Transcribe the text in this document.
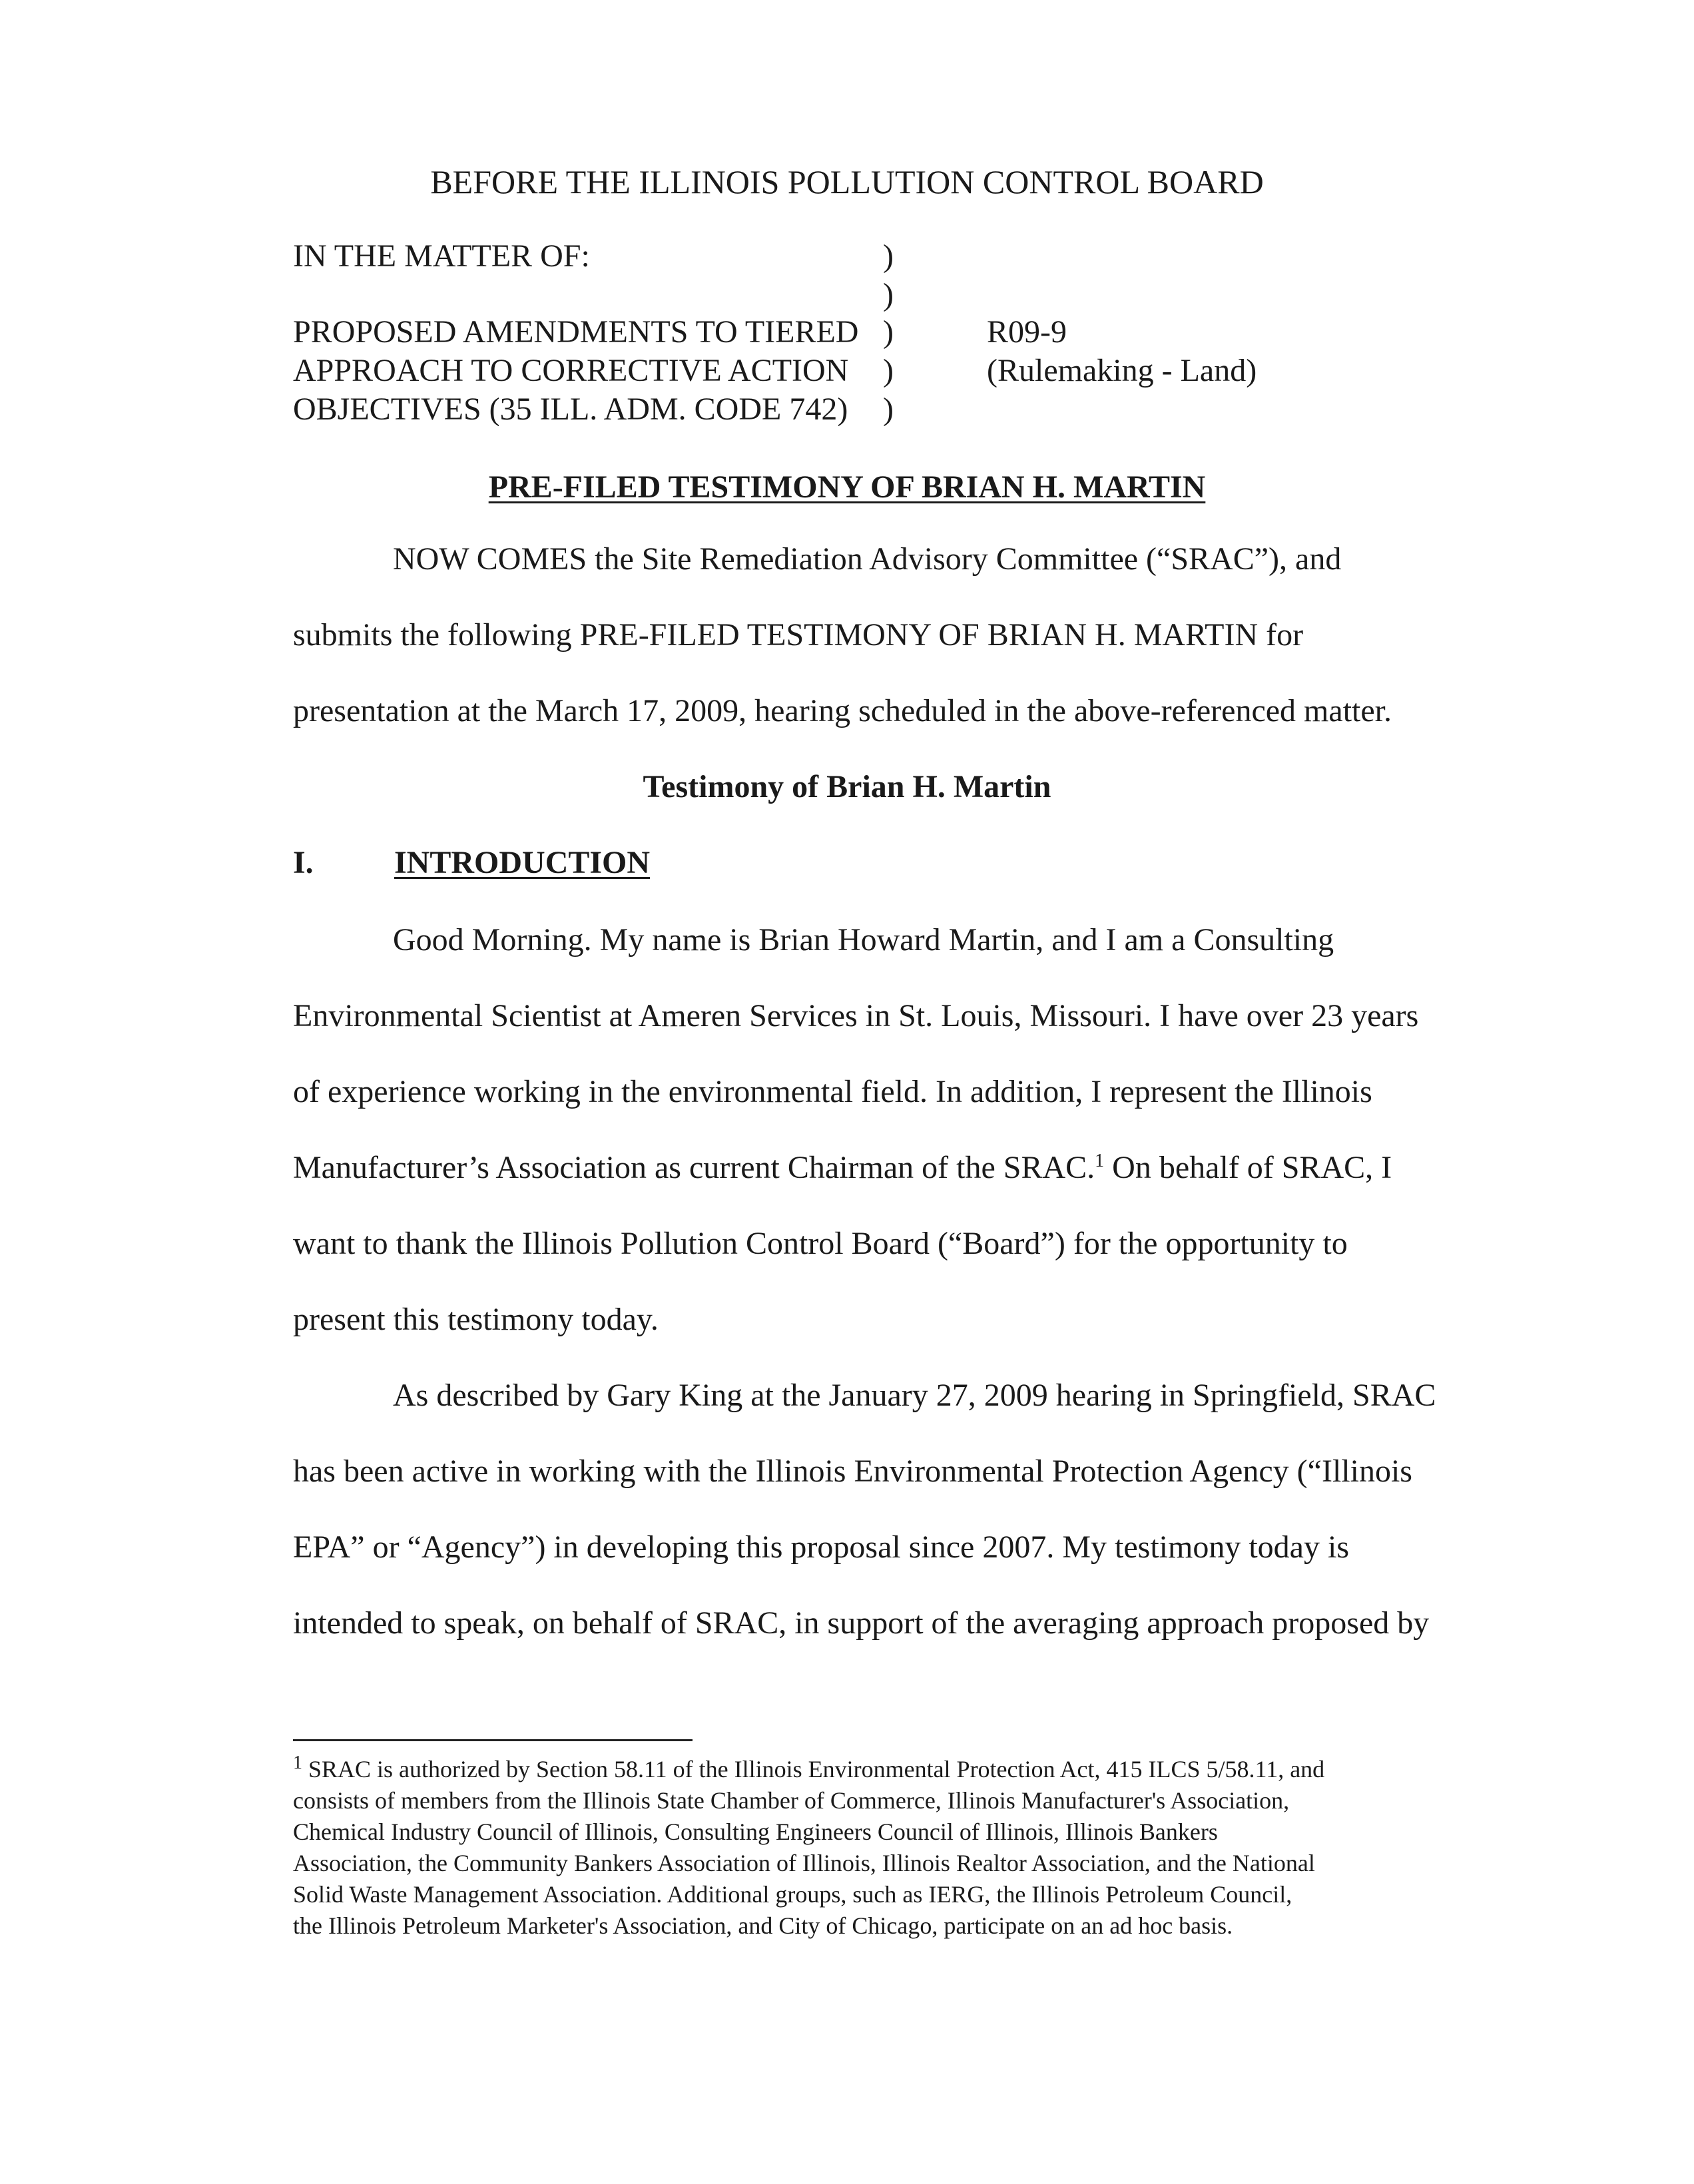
BEFORE THE ILLINOIS POLLUTION CONTROL BOARD
IN THE MATTER OF:
PROPOSED AMENDMENTS TO TIERED
APPROACH TO CORRECTIVE ACTION
OBJECTIVES (35 ILL. ADM. CODE 742)
)
)
)
)
)
R09-9
(Rulemaking - Land)
PRE-FILED TESTIMONY OF BRIAN H. MARTIN
NOW COMES the Site Remediation Advisory Committee (“SRAC”), and
submits the following PRE-FILED TESTIMONY OF BRIAN H. MARTIN for
presentation at the March 17, 2009, hearing scheduled in the above-referenced matter.
Testimony of Brian H. Martin
I.	INTRODUCTION
Good Morning. My name is Brian Howard Martin, and I am a Consulting
Environmental Scientist at Ameren Services in St. Louis, Missouri. I have over 23 years
of experience working in the environmental field. In addition, I represent the Illinois
Manufacturer’s Association as current Chairman of the SRAC.$^1$ On behalf of SRAC, I
want to thank the Illinois Pollution Control Board (“Board”) for the opportunity to
present this testimony today.
As described by Gary King at the January 27, 2009 hearing in Springfield, SRAC
has been active in working with the Illinois Environmental Protection Agency (“Illinois
EPA” or “Agency”) in developing this proposal since 2007. My testimony today is
intended to speak, on behalf of SRAC, in support of the averaging approach proposed by
$^1$ SRAC is authorized by Section 58.11 of the Illinois Environmental Protection Act, 415 ILCS 5/58.11, and
consists of members from the Illinois State Chamber of Commerce, Illinois Manufacturer's Association,
Chemical Industry Council of Illinois, Consulting Engineers Council of Illinois, Illinois Bankers
Association, the Community Bankers Association of Illinois, Illinois Realtor Association, and the National
Solid Waste Management Association. Additional groups, such as IERG, the Illinois Petroleum Council,
the Illinois Petroleum Marketer's Association, and City of Chicago, participate on an ad hoc basis.
